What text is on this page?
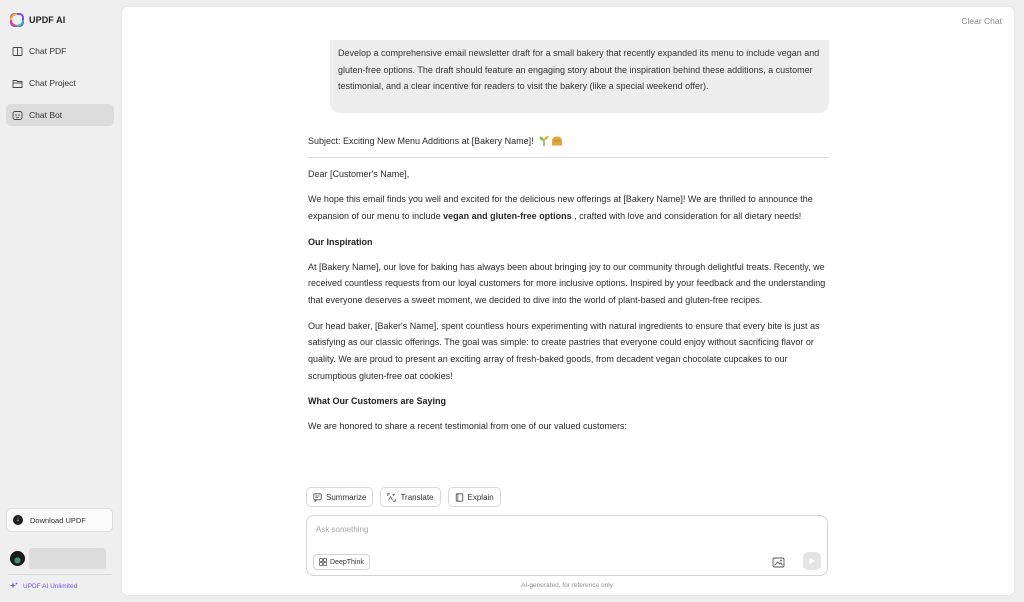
UPDF AI
Chat PDF
Chat Project
Chat Bot
↓	Download UPDF
UPDF AI Unlimited
Clear Chat

Develop a comprehensive email newsletter draft for a small bakery that recently expanded its menu to include vegan and gluten-free options. The draft should feature an engaging story about the inspiration behind these additions, a customer testimonial, and a clear incentive for readers to visit the bakery (like a special weekend offer).

Subject: Exciting New Menu Additions at [Bakery Name]!

Dear [Customer's Name],

We hope this email finds you well and excited for the delicious new offerings at [Bakery Name]! We are thrilled to announce the expansion of our menu to include vegan and gluten-free options , crafted with love and consideration for all dietary needs!

Our Inspiration

At [Bakery Name], our love for baking has always been about bringing joy to our community through delightful treats. Recently, we received countless requests from our loyal customers for more inclusive options. Inspired by your feedback and the understanding that everyone deserves a sweet moment, we decided to dive into the world of plant-based and gluten-free recipes.

Our head baker, [Baker's Name], spent countless hours experimenting with natural ingredients to ensure that every bite is just as satisfying as our classic offerings. The goal was simple: to create pastries that everyone could enjoy without sacrificing flavor or quality. We are proud to present an exciting array of fresh-baked goods, from decadent vegan chocolate cupcakes to our scrumptious gluten-free oat cookies!

What Our Customers are Saying

We are honored to share a recent testimonial from one of our valued customers:

Summarize	Translate	Explain
Ask something
DeepThink
AI-generated, for reference only
